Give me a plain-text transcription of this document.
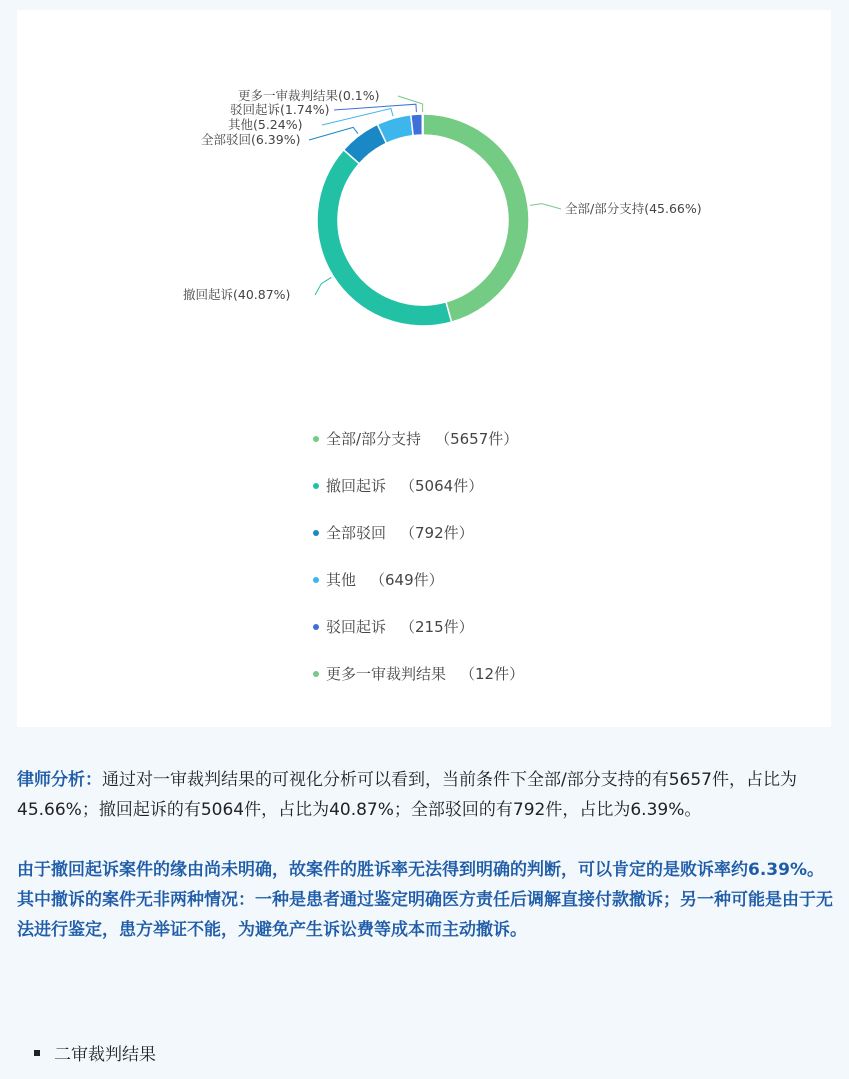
全部/部分支持(45.66%)
撤回起诉(40.87%)
全部驳回(6.39%)
其他(5.24%)
驳回起诉(1.74%)
更多一审裁判结果(0.1%)
全部/部分支持 （5657件）
撤回起诉 （5064件）
全部驳回 （792件）
其他 （649件）
驳回起诉 （215件）
更多一审裁判结果 （12件）

律师分析：通过对一审裁判结果的可视化分析可以看到，当前条件下全部/部分支持的有5657件，占比为45.66%；撤回起诉的有5064件，占比为40.87%；全部驳回的有792件，占比为6.39%。

由于撤回起诉案件的缘由尚未明确，故案件的胜诉率无法得到明确的判断，可以肯定的是败诉率约6.39%。其中撤诉的案件无非两种情况：一种是患者通过鉴定明确医方责任后调解直接付款撤诉；另一种可能是由于无法进行鉴定，患方举证不能，为避免产生诉讼费等成本而主动撤诉。

二审裁判结果
